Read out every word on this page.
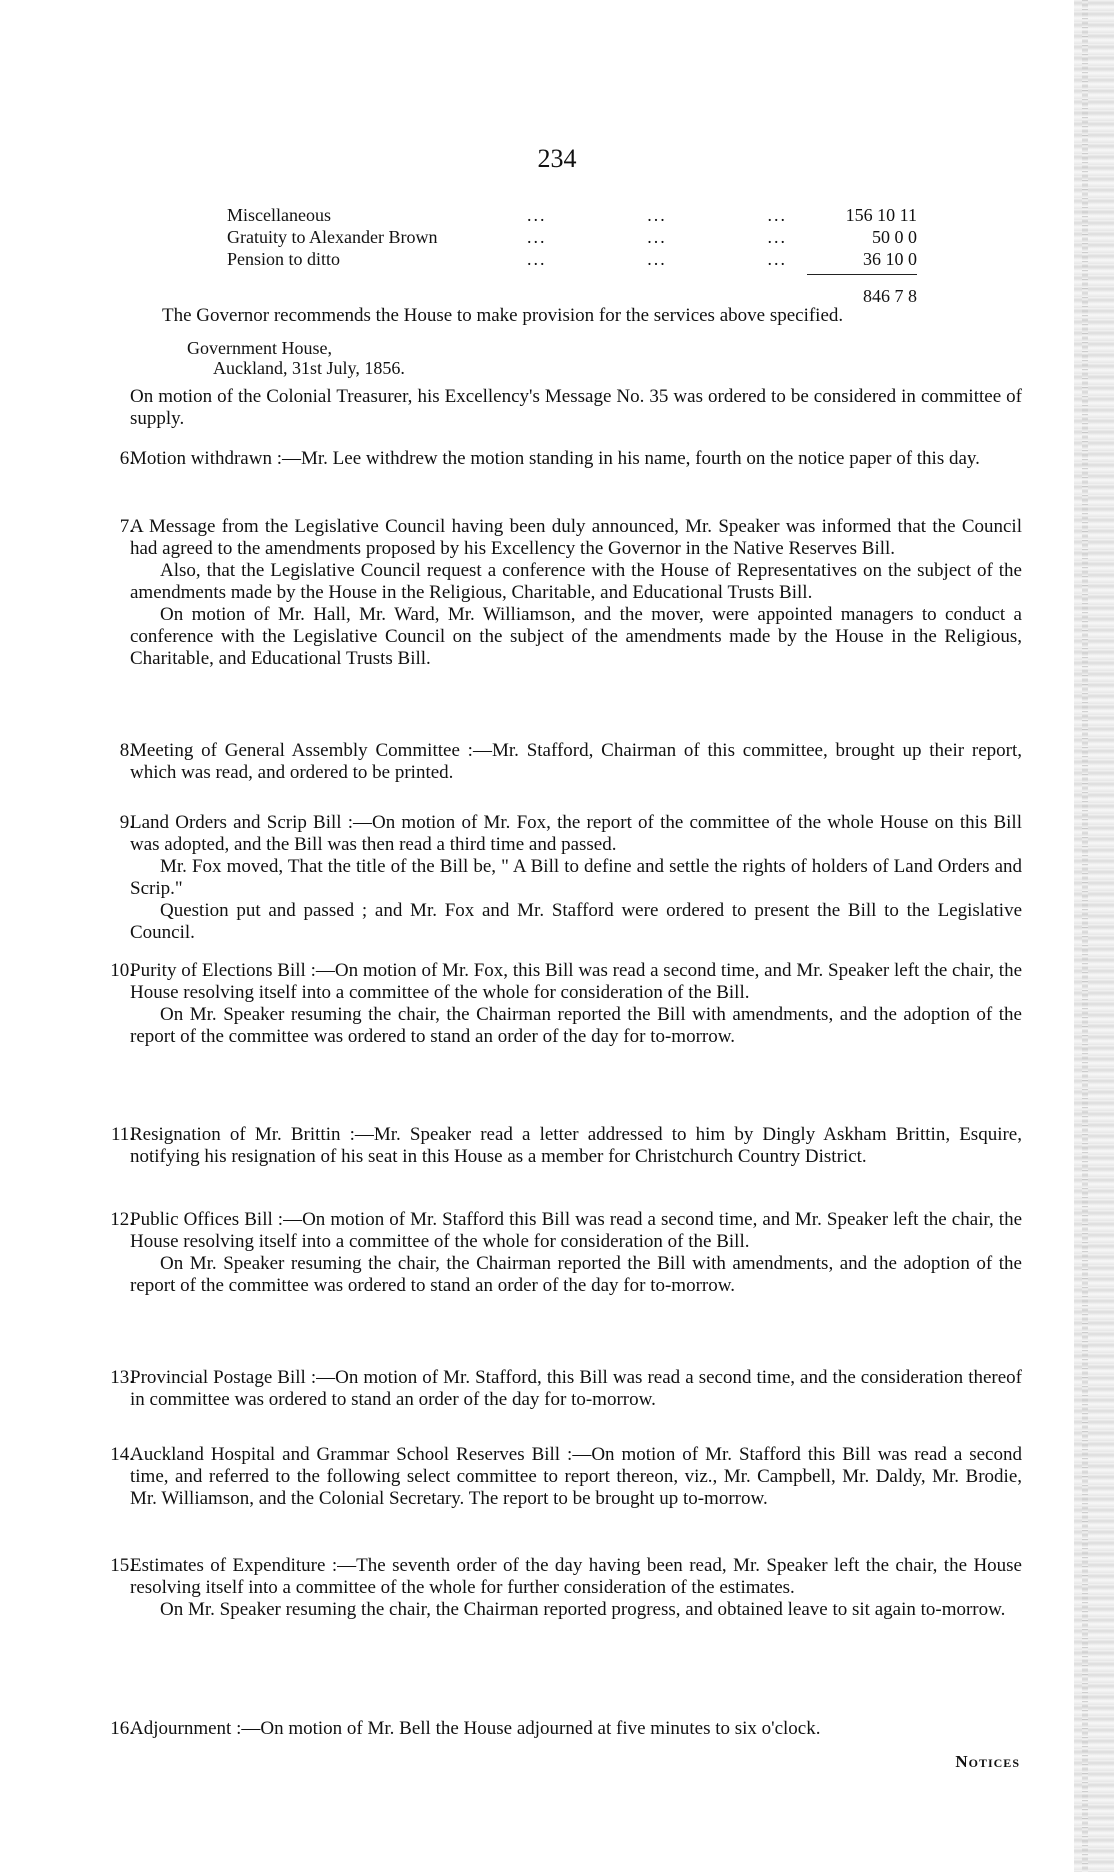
234
Miscellaneous	...	...	...	156 10 11
Gratuity to Alexander Brown	...	...	...	50 0 0
Pension to ditto	...	...	...	36 10 0
846 7 8
The Governor recommends the House to make provision for the services above specified.
Government House,
Auckland, 31st July, 1856.
On motion of the Colonial Treasurer, his Excellency's Message No. 35 was ordered to be considered in committee of supply.
6.

Motion withdrawn :—Mr. Lee withdrew the motion standing in his name, fourth on the notice paper of this day.

7.

A Message from the Legislative Council having been duly announced, Mr. Speaker was informed that the Council had agreed to the amendments proposed by his Excellency the Governor in the Native Reserves Bill.

Also, that the Legislative Council request a conference with the House of Representatives on the subject of the amendments made by the House in the Religious, Charitable, and Educational Trusts Bill.

On motion of Mr. Hall, Mr. Ward, Mr. Williamson, and the mover, were appointed managers to conduct a conference with the Legislative Council on the subject of the amendments made by the House in the Religious, Charitable, and Educational Trusts Bill.

8.

Meeting of General Assembly Committee :—Mr. Stafford, Chairman of this committee, brought up their report, which was read, and ordered to be printed.

9.

Land Orders and Scrip Bill :—On motion of Mr. Fox, the report of the committee of the whole House on this Bill was adopted, and the Bill was then read a third time and passed.

Mr. Fox moved, That the title of the Bill be, " A Bill to define and settle the rights of holders of Land Orders and Scrip."

Question put and passed ; and Mr. Fox and Mr. Stafford were ordered to present the Bill to the Legislative Council.

10.

Purity of Elections Bill :—On motion of Mr. Fox, this Bill was read a second time, and Mr. Speaker left the chair, the House resolving itself into a committee of the whole for consideration of the Bill.

On Mr. Speaker resuming the chair, the Chairman reported the Bill with amendments, and the adoption of the report of the committee was ordered to stand an order of the day for to-morrow.

11.

Resignation of Mr. Brittin :—Mr. Speaker read a letter addressed to him by Dingly Askham Brittin, Esquire, notifying his resignation of his seat in this House as a member for Christchurch Country District.

12.

Public Offices Bill :—On motion of Mr. Stafford this Bill was read a second time, and Mr. Speaker left the chair, the House resolving itself into a committee of the whole for consideration of the Bill.

On Mr. Speaker resuming the chair, the Chairman reported the Bill with amendments, and the adoption of the report of the committee was ordered to stand an order of the day for to-morrow.

13.

Provincial Postage Bill :—On motion of Mr. Stafford, this Bill was read a second time, and the consideration thereof in committee was ordered to stand an order of the day for to-morrow.

14.

Auckland Hospital and Grammar School Reserves Bill :—On motion of Mr. Stafford this Bill was read a second time, and referred to the following select committee to report thereon, viz., Mr. Campbell, Mr. Daldy, Mr. Brodie, Mr. Williamson, and the Colonial Secretary. The report to be brought up to-morrow.

15.

Estimates of Expenditure :—The seventh order of the day having been read, Mr. Speaker left the chair, the House resolving itself into a committee of the whole for further consideration of the estimates.

On Mr. Speaker resuming the chair, the Chairman reported progress, and obtained leave to sit again to-morrow.

16.

Adjournment :—On motion of Mr. Bell the House adjourned at five minutes to six o'clock.

Notices
